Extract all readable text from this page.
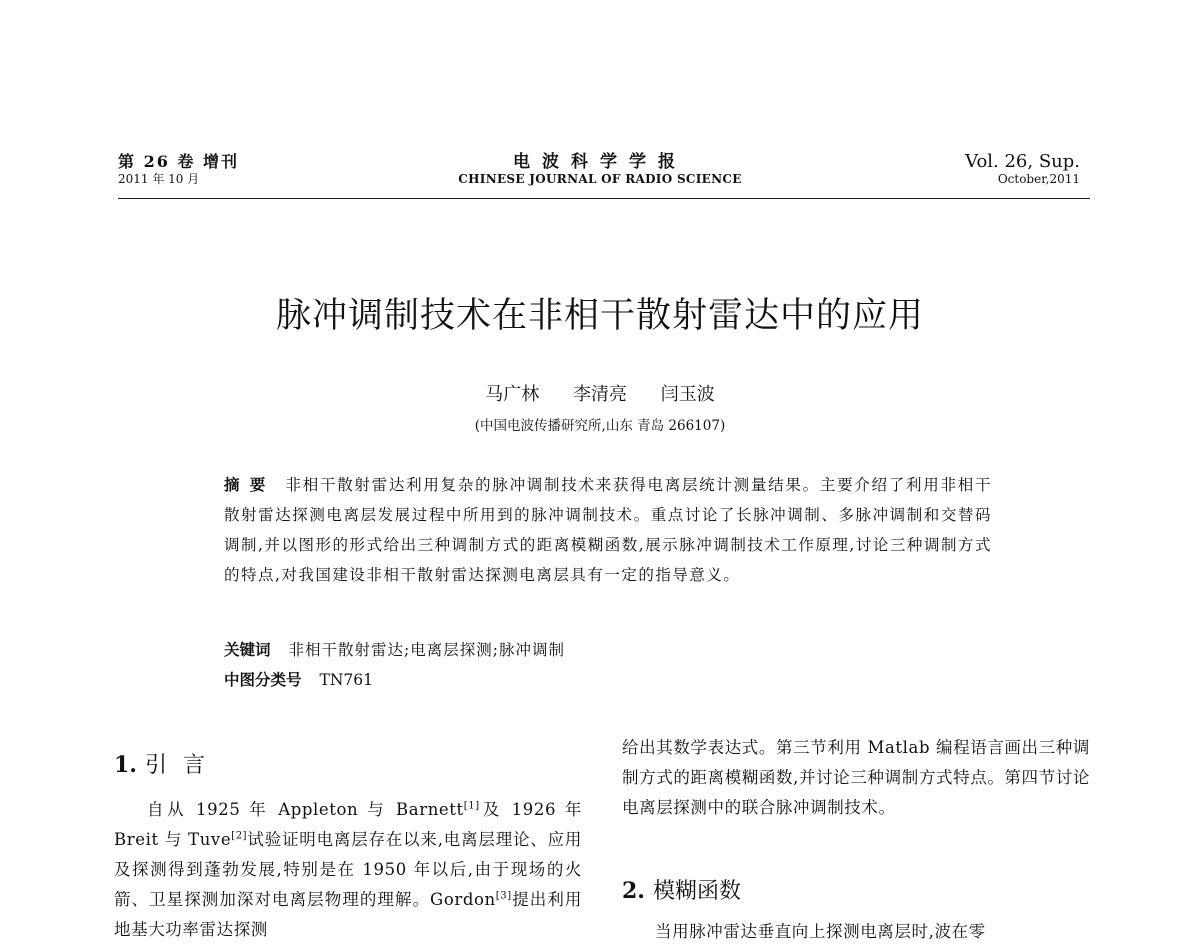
第 26 卷 增刊
2011 年 10 月
电波科学学报
CHINESE JOURNAL OF RADIO SCIENCE
Vol. 26, Sup.
October,2011
脉冲调制技术在非相干散射雷达中的应用
马广林 李清亮 闫玉波
(中国电波传播研究所,山东 青岛 266107)
摘要 非相干散射雷达利用复杂的脉冲调制技术来获得电离层统计测量结果。主要介绍了利用非相干散射雷达探测电离层发展过程中所用到的脉冲调制技术。重点讨论了长脉冲调制、多脉冲调制和交替码调制,并以图形的形式给出三种调制方式的距离模糊函数,展示脉冲调制技术工作原理,讨论三种调制方式的特点,对我国建设非相干散射雷达探测电离层具有一定的指导意义。
关键词 非相干散射雷达;电离层探测;脉冲调制
中图分类号 TN761
1. 引言

自从 1925 年 Appleton 与 Barnett[1]及 1926 年 Breit 与 Tuve[2]试验证明电离层存在以来,电离层理论、应用及探测得到蓬勃发展,特别是在 1950 年以后,由于现场的火箭、卫星探测加深对电离层物理的理解。Gordon[3]提出利用地基大功率雷达探测

给出其数学表达式。第三节利用 Matlab 编程语言画出三种调制方式的距离模糊函数,并讨论三种调制方式特点。第四节讨论电离层探测中的联合脉冲调制技术。

2. 模糊函数

当用脉冲雷达垂直向上探测电离层时,波在零
